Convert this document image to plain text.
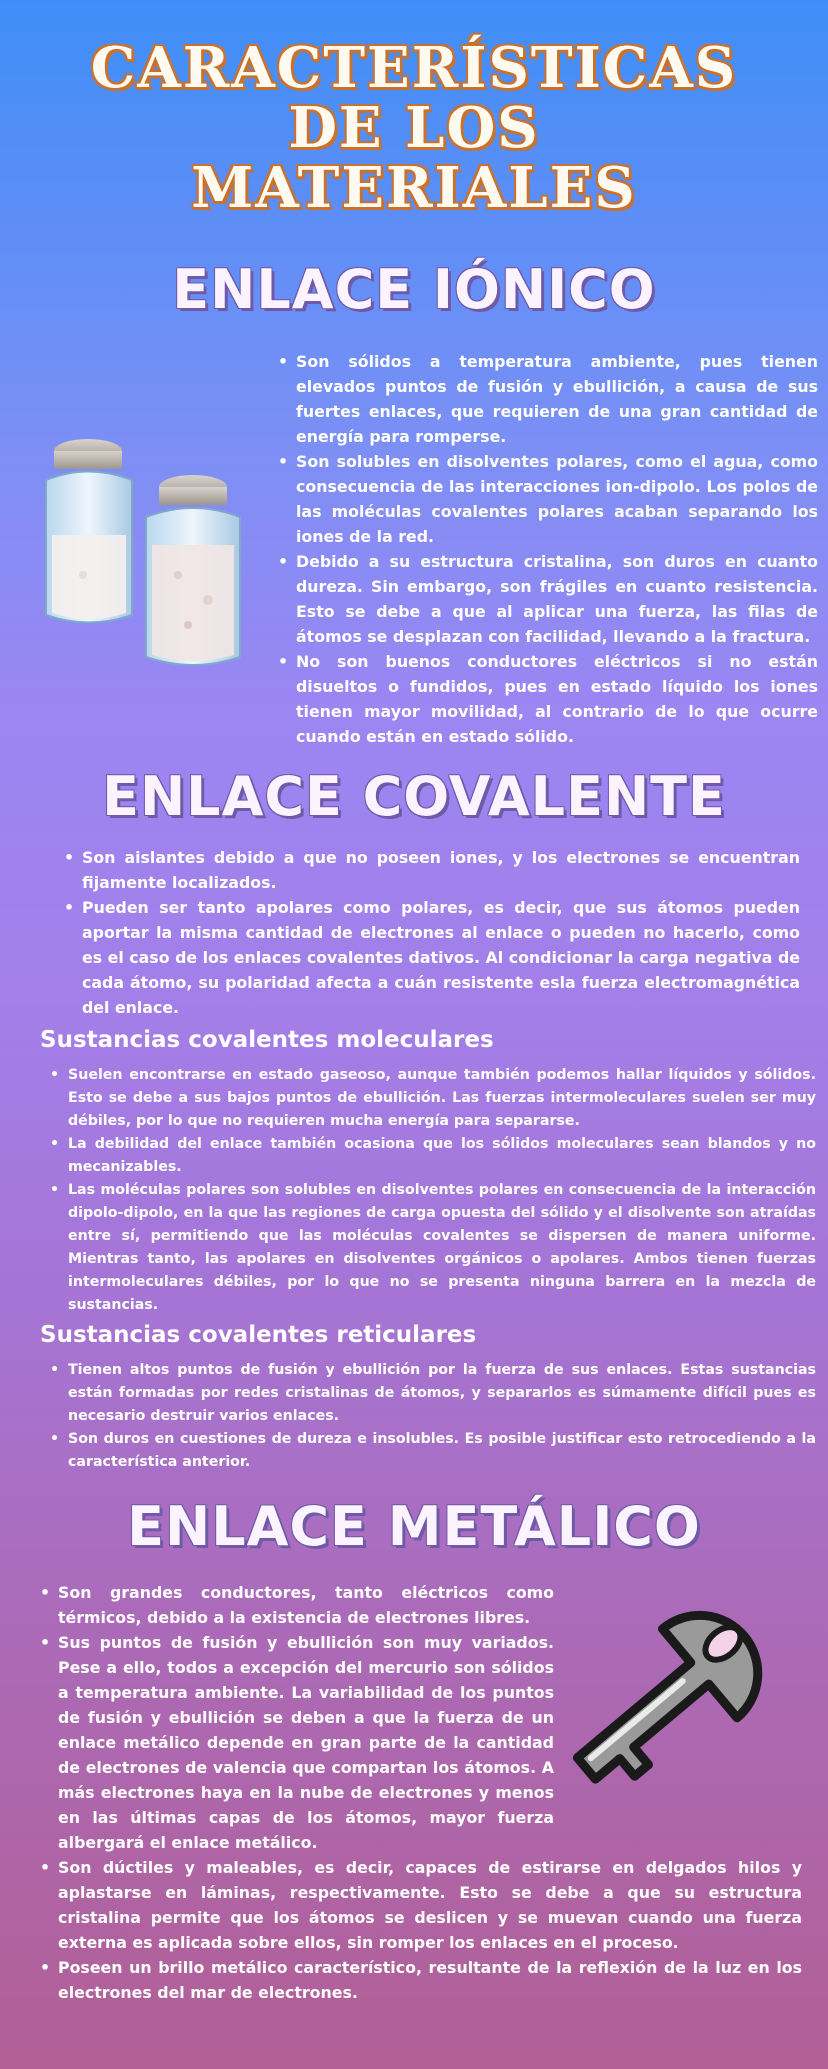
CARACTERÍSTICAS
DE LOS
MATERIALES
ENLACE IÓNICO
• Son sólidos a temperatura ambiente, pues tienen elevados puntos de fusión y ebullición, a causa de sus fuertes enlaces, que requieren de una gran cantidad de energía para romperse.
• Son solubles en disolventes polares, como el agua, como consecuencia de las interacciones ion-dipolo. Los polos de las moléculas covalentes polares acaban separando los iones de la red.
• Debido a su estructura cristalina, son duros en cuanto dureza. Sin embargo, son frágiles en cuanto resistencia. Esto se debe a que al aplicar una fuerza, las filas de átomos se desplazan con facilidad, llevando a la fractura.
• No son buenos conductores eléctricos si no están disueltos o fundidos, pues en estado líquido los iones tienen mayor movilidad, al contrario de lo que ocurre cuando están en estado sólido.
ENLACE COVALENTE
• Son aislantes debido a que no poseen iones, y los electrones se encuentran fijamente localizados.
• Pueden ser tanto apolares como polares, es decir, que sus átomos pueden aportar la misma cantidad de electrones al enlace o pueden no hacerlo, como es el caso de los enlaces covalentes dativos. Al condicionar la carga negativa de cada átomo, su polaridad afecta a cuán resistente esla fuerza electromagnética del enlace.
Sustancias covalentes moleculares
• Suelen encontrarse en estado gaseoso, aunque también podemos hallar líquidos y sólidos. Esto se debe a sus bajos puntos de ebullición. Las fuerzas intermoleculares suelen ser muy débiles, por lo que no requieren mucha energía para separarse.
• La debilidad del enlace también ocasiona que los sólidos moleculares sean blandos y no mecanizables.
• Las moléculas polares son solubles en disolventes polares en consecuencia de la interacción dipolo-dipolo, en la que las regiones de carga opuesta del sólido y el disolvente son atraídas entre sí, permitiendo que las moléculas covalentes se dispersen de manera uniforme. Mientras tanto, las apolares en disolventes orgánicos o apolares. Ambos tienen fuerzas intermoleculares débiles, por lo que no se presenta ninguna barrera en la mezcla de sustancias.
Sustancias covalentes reticulares
• Tienen altos puntos de fusión y ebullición por la fuerza de sus enlaces. Estas sustancias están formadas por redes cristalinas de átomos, y separarlos es súmamente difícil pues es necesario destruir varios enlaces.
• Son duros en cuestiones de dureza e insolubles. Es posible justificar esto retrocediendo a la característica anterior.
ENLACE METÁLICO
• Son grandes conductores, tanto eléctricos como térmicos, debido a la existencia de electrones libres.
• Sus puntos de fusión y ebullición son muy variados. Pese a ello, todos a excepción del mercurio son sólidos a temperatura ambiente. La variabilidad de los puntos de fusión y ebullición se deben a que la fuerza de un enlace metálico depende en gran parte de la cantidad de electrones de valencia que compartan los átomos. A más electrones haya en la nube de electrones y menos en las últimas capas de los átomos, mayor fuerza albergará el enlace metálico.
• Son dúctiles y maleables, es decir, capaces de estirarse en delgados hilos y aplastarse en láminas, respectivamente. Esto se debe a que su estructura cristalina permite que los átomos se deslicen y se muevan cuando una fuerza externa es aplicada sobre ellos, sin romper los enlaces en el proceso.
• Poseen un brillo metálico característico, resultante de la reflexión de la luz en los electrones del mar de electrones.
